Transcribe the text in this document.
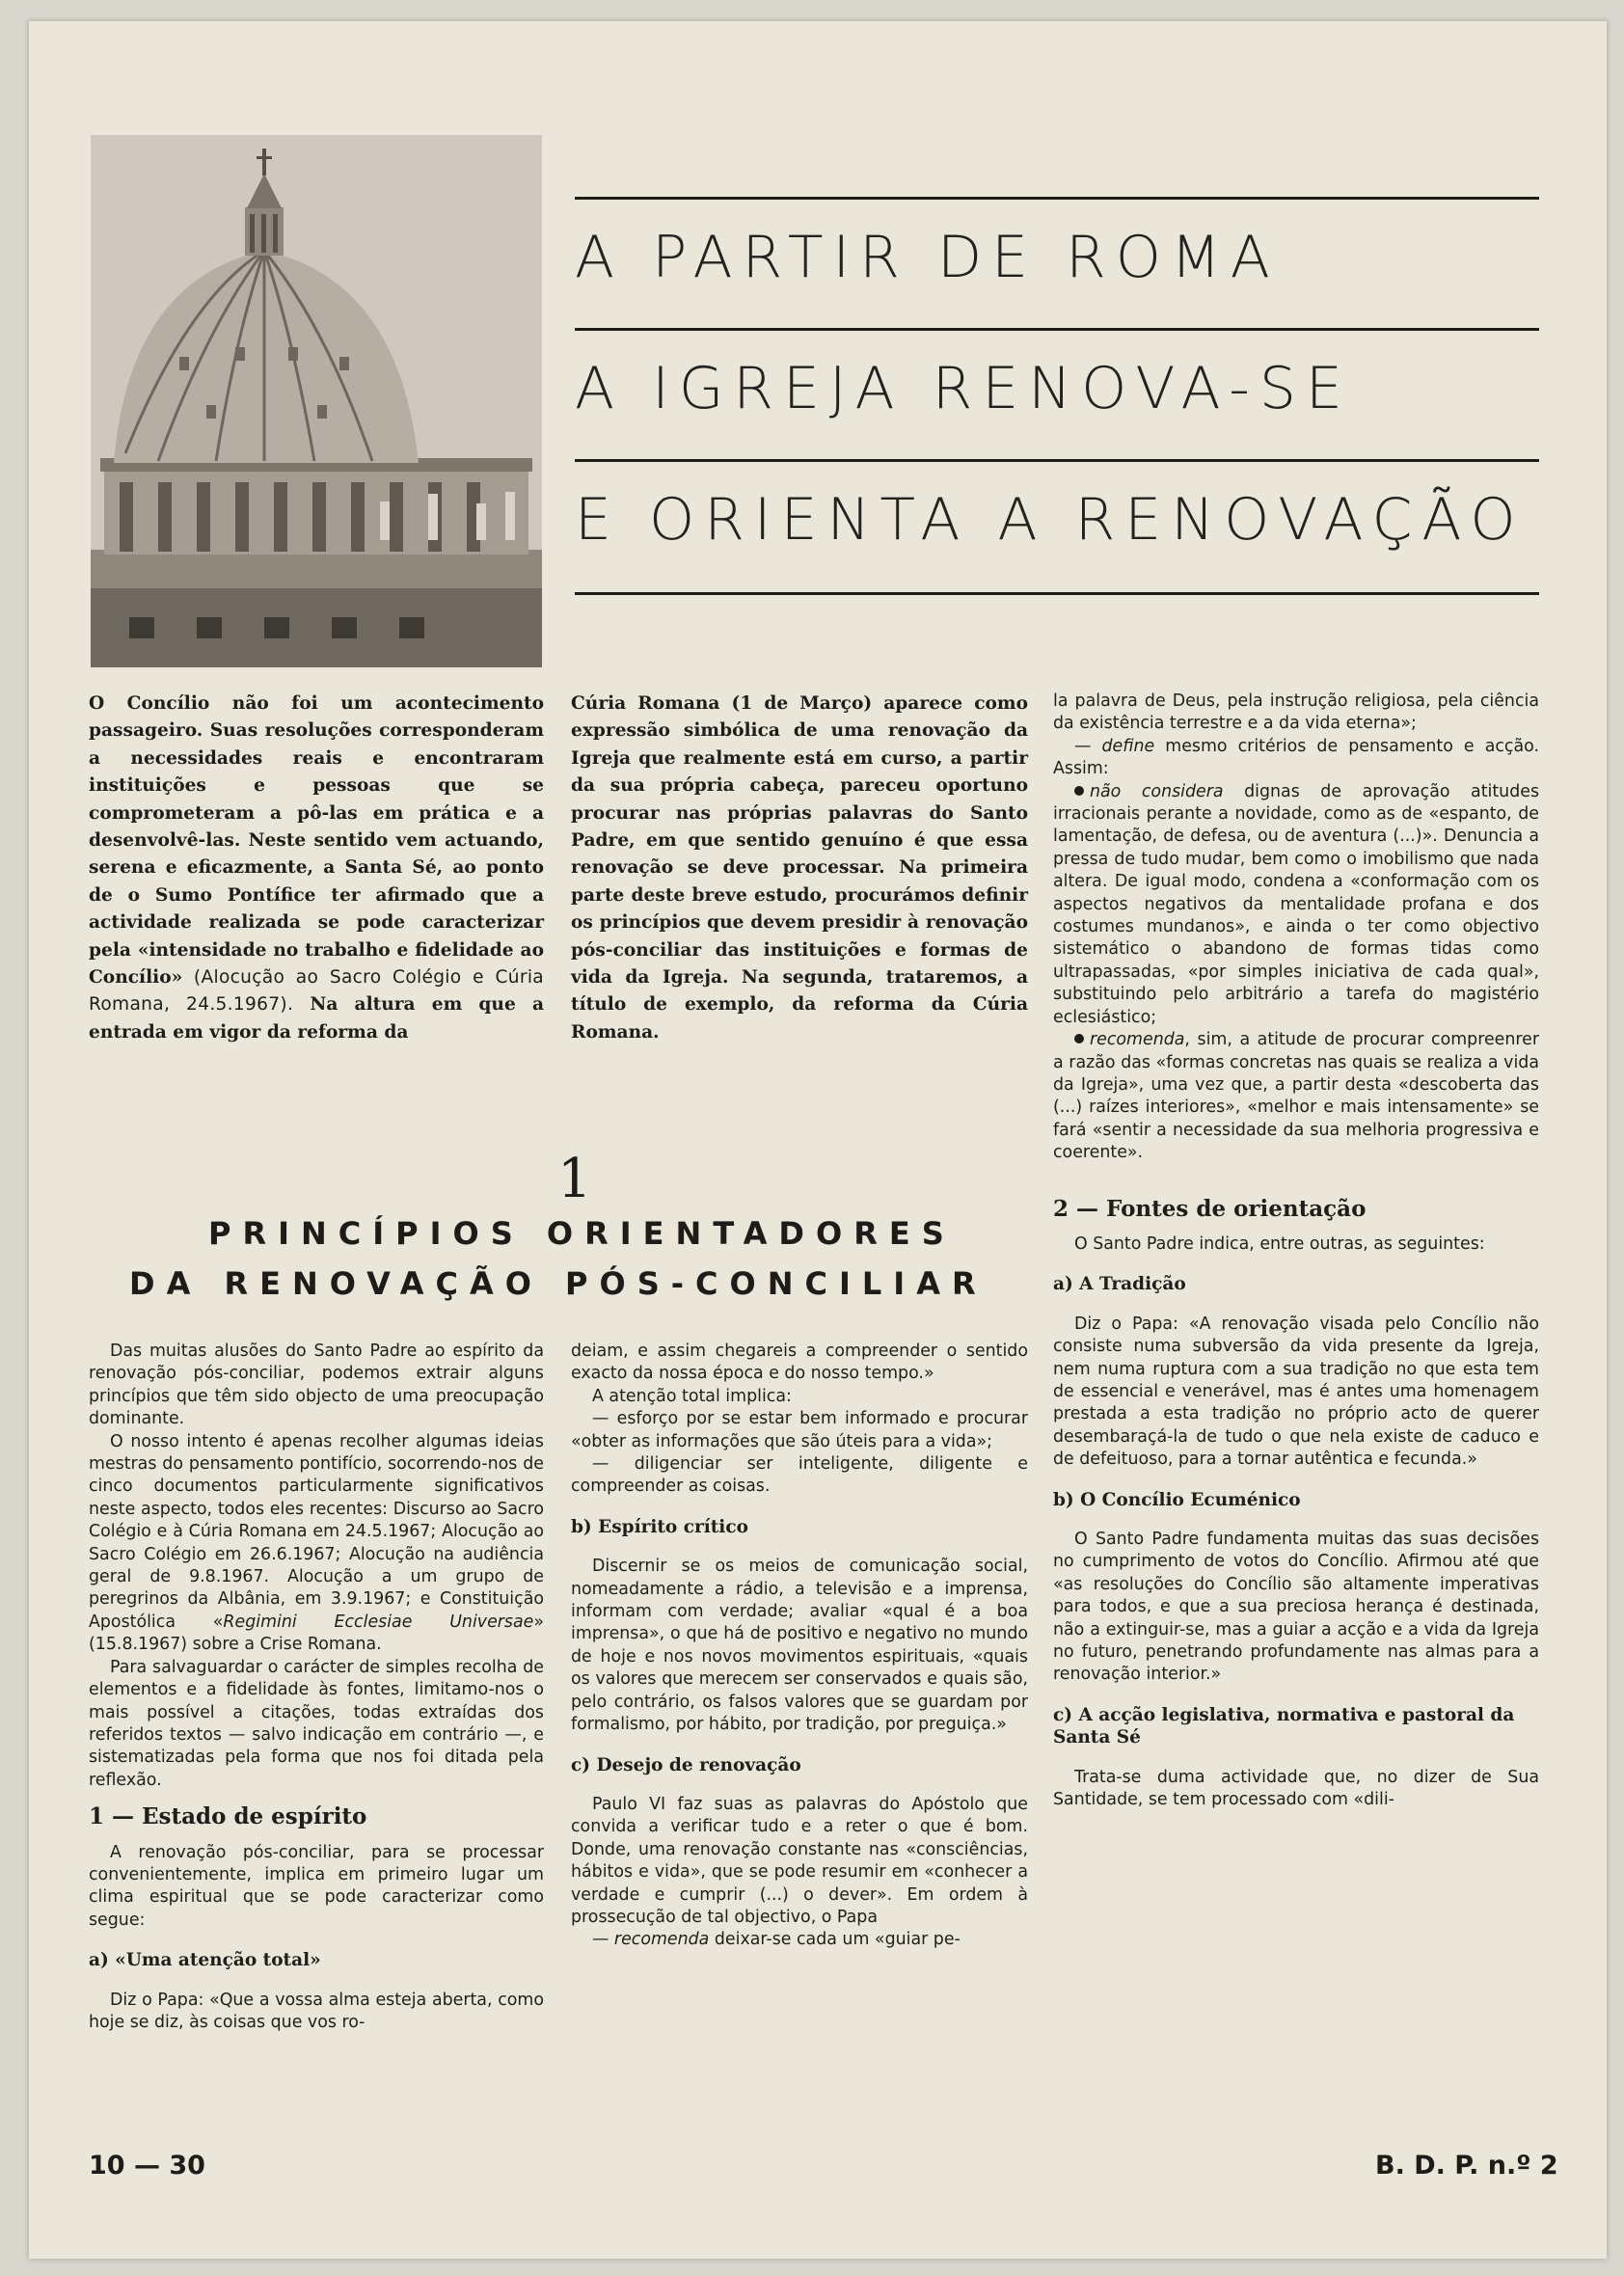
A PARTIR DE ROMA
A IGREJA RENOVA-SE
E ORIENTA A RENOVAÇÃO

O Concílio não foi um acontecimento passageiro. Suas resoluções corresponderam a necessidades reais e encontraram instituições e pessoas que se comprometeram a pô-las em prática e a desenvolvê-las. Neste sentido vem actuando, serena e eficazmente, a Santa Sé, ao ponto de o Sumo Pontífice ter afirmado que a actividade realizada se pode caracterizar pela «intensidade no trabalho e fidelidade ao Concílio» (Alocução ao Sacro Colégio e Cúria Romana, 24.5.1967). Na altura em que a entrada em vigor da reforma da

Cúria Romana (1 de Março) aparece como expressão simbólica de uma renovação da Igreja que realmente está em curso, a partir da sua própria cabeça, pareceu oportuno procurar nas próprias palavras do Santo Padre, em que sentido genuíno é que essa renovação se deve processar. Na primeira parte deste breve estudo, procurámos definir os princípios que devem presidir à renovação pós-conciliar das instituições e formas de vida da Igreja. Na segunda, trataremos, a título de exemplo, da reforma da Cúria Romana.

1
PRINCÍPIOS ORIENTADORES
DA RENOVAÇÃO PÓS-CONCILIAR

Das muitas alusões do Santo Padre ao espírito da renovação pós-conciliar, podemos extrair alguns princípios que têm sido objecto de uma preocupação dominante.

O nosso intento é apenas recolher algumas ideias mestras do pensamento pontifício, socorrendo-nos de cinco documentos particularmente significativos neste aspecto, todos eles recentes: Discurso ao Sacro Colégio e à Cúria Romana em 24.5.1967; Alocução ao Sacro Colégio em 26.6.1967; Alocução na audiência geral de 9.8.1967. Alocução a um grupo de peregrinos da Albânia, em 3.9.1967; e Constituição Apostólica «Regimini Ecclesiae Universae» (15.8.1967) sobre a Crise Romana.

Para salvaguardar o carácter de simples recolha de elementos e a fidelidade às fontes, limitamo-nos o mais possível a citações, todas extraídas dos referidos textos — salvo indicação em contrário —, e sistematizadas pela forma que nos foi ditada pela reflexão.

1 — Estado de espírito

A renovação pós-conciliar, para se processar convenientemente, implica em primeiro lugar um clima espiritual que se pode caracterizar como segue:

a) «Uma atenção total»

Diz o Papa: «Que a vossa alma esteja aberta, como hoje se diz, às coisas que vos ro-

deiam, e assim chegareis a compreender o sentido exacto da nossa época e do nosso tempo.»

A atenção total implica:

— esforço por se estar bem informado e procurar «obter as informações que são úteis para a vida»;

— diligenciar ser inteligente, diligente e compreender as coisas.

b) Espírito crítico

Discernir se os meios de comunicação social, nomeadamente a rádio, a televisão e a imprensa, informam com verdade; avaliar «qual é a boa imprensa», o que há de positivo e negativo no mundo de hoje e nos novos movimentos espirituais, «quais os valores que merecem ser conservados e quais são, pelo contrário, os falsos valores que se guardam por formalismo, por hábito, por tradição, por preguiça.»

c) Desejo de renovação

Paulo VI faz suas as palavras do Apóstolo que convida a verificar tudo e a reter o que é bom. Donde, uma renovação constante nas «consciências, hábitos e vida», que se pode resumir em «conhecer a verdade e cumprir (...) o dever». Em ordem à prossecução de tal objectivo, o Papa

— recomenda deixar-se cada um «guiar pe-

la palavra de Deus, pela instrução religiosa, pela ciência da existência terrestre e a da vida eterna»;

— define mesmo critérios de pensamento e acção. Assim:

não considera dignas de aprovação atitudes irracionais perante a novidade, como as de «espanto, de lamentação, de defesa, ou de aventura (...)». Denuncia a pressa de tudo mudar, bem como o imobilismo que nada altera. De igual modo, condena a «conformação com os aspectos negativos da mentalidade profana e dos costumes mundanos», e ainda o ter como objectivo sistemático o abandono de formas tidas como ultrapassadas, «por simples iniciativa de cada qual», substituindo pelo arbitrário a tarefa do magistério eclesiástico;

recomenda, sim, a atitude de procurar compreenrer a razão das «formas concretas nas quais se realiza a vida da Igreja», uma vez que, a partir desta «descoberta das (...) raízes interiores», «melhor e mais intensamente» se fará «sentir a necessidade da sua melhoria progressiva e coerente».

2 — Fontes de orientação

O Santo Padre indica, entre outras, as seguintes:

a) A Tradição

Diz o Papa: «A renovação visada pelo Concílio não consiste numa subversão da vida presente da Igreja, nem numa ruptura com a sua tradição no que esta tem de essencial e venerável, mas é antes uma homenagem prestada a esta tradição no próprio acto de querer desembaraçá-la de tudo o que nela existe de caduco e de defeituoso, para a tornar autêntica e fecunda.»

b) O Concílio Ecuménico

O Santo Padre fundamenta muitas das suas decisões no cumprimento de votos do Concílio. Afirmou até que «as resoluções do Concílio são altamente imperativas para todos, e que a sua preciosa herança é destinada, não a extinguir-se, mas a guiar a acção e a vida da Igreja no futuro, penetrando profundamente nas almas para a renovação interior.»

c) A acção legislativa, normativa e pastoral da Santa Sé

Trata-se duma actividade que, no dizer de Sua Santidade, se tem processado com «dili-

10 — 30	B. D. P. n.º 2
